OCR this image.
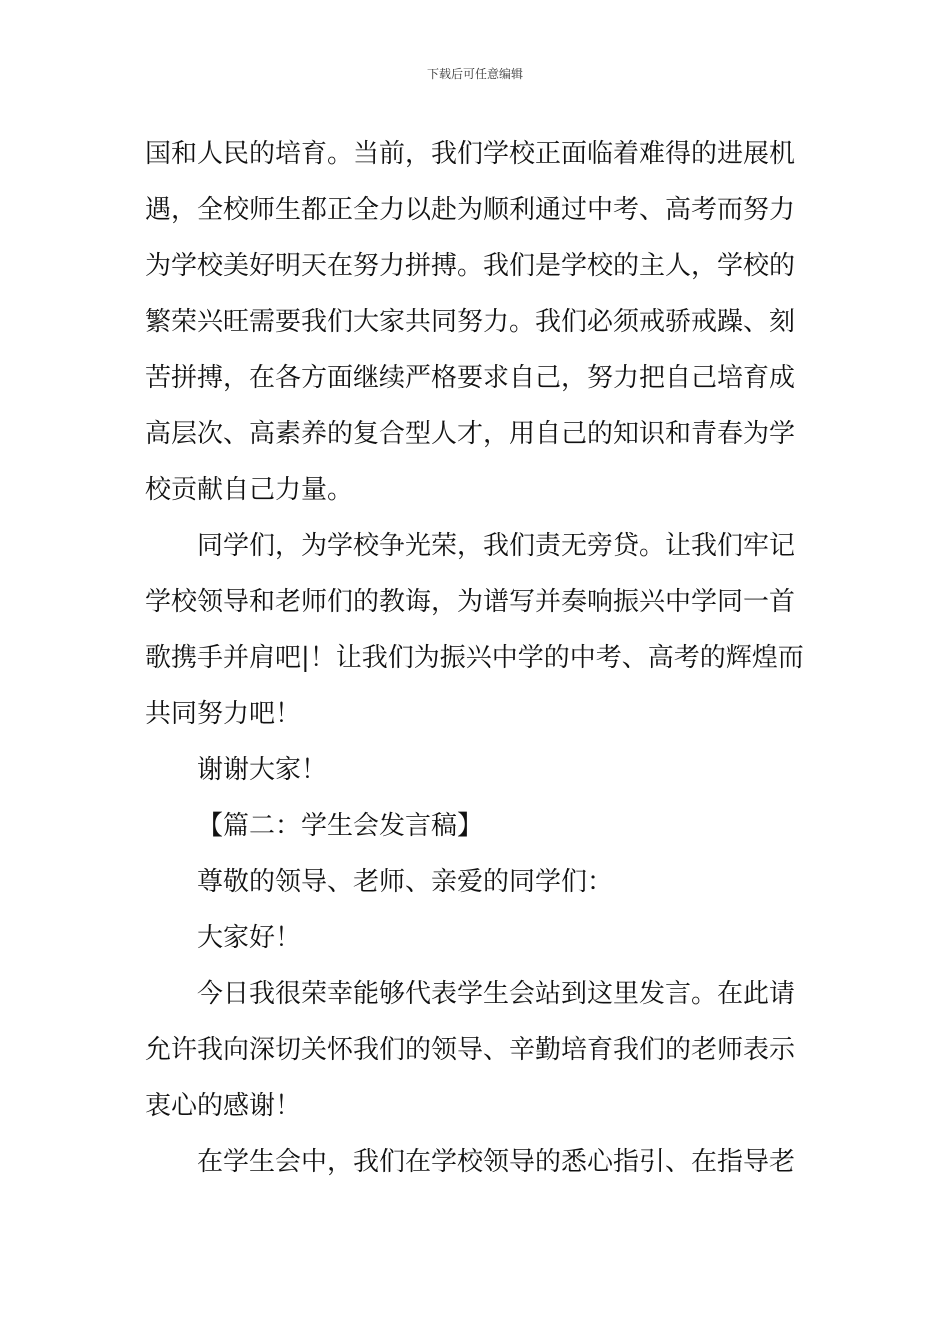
下载后可任意编辑
国和人民的培育。当前，我们学校正面临着难得的进展机
遇，全校师生都正全力以赴为顺利通过中考、高考而努力
为学校美好明天在努力拼搏。我们是学校的主人，学校的
繁荣兴旺需要我们大家共同努力。我们必须戒骄戒躁、刻
苦拼搏，在各方面继续严格要求自己，努力把自己培育成
高层次、高素养的复合型人才，用自己的知识和青春为学
校贡献自己力量。
同学们，为学校争光荣，我们责无旁贷。让我们牢记
学校领导和老师们的教诲，为谱写并奏响振兴中学同一首
歌携手并肩吧|！让我们为振兴中学的中考、高考的辉煌而
共同努力吧！
谢谢大家！
【篇二：学生会发言稿】
尊敬的领导、老师、亲爱的同学们：
大家好！
今日我很荣幸能够代表学生会站到这里发言。在此请
允许我向深切关怀我们的领导、辛勤培育我们的老师表示
衷心的感谢！
在学生会中，我们在学校领导的悉心指引、在指导老
